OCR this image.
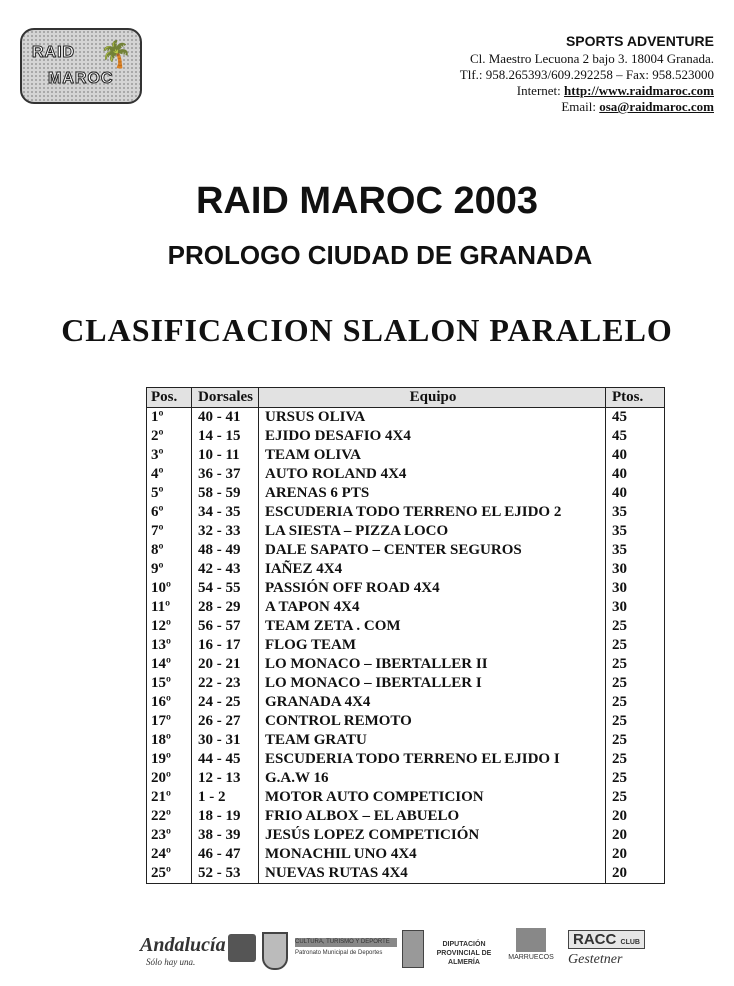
RAID
MAROC
🌴	SPORTS ADVENTURE
Cl. Maestro Lecuona 2 bajo 3. 18004 Granada.
Tlf.: 958.265393/609.292258 – Fax: 958.523000
Internet: http://www.raidmaroc.com
Email: osa@raidmaroc.com
RAID MAROC 2003
PROLOGO CIUDAD DE GRANADA
CLASIFICACION SLALON PARALELO
Pos.	Dorsales	Equipo	Ptos.
1º	40 - 41	URSUS OLIVA	45
2º	14 - 15	EJIDO DESAFIO 4X4	45
3º	10 - 11	TEAM OLIVA	40
4º	36 - 37	AUTO ROLAND 4X4	40
5º	58 - 59	ARENAS 6 PTS	40
6º	34 - 35	ESCUDERIA TODO TERRENO EL EJIDO 2	35
7º	32 - 33	LA SIESTA – PIZZA LOCO	35
8º	48 - 49	DALE SAPATO – CENTER SEGUROS	35
9º	42 - 43	IAÑEZ 4X4	30
10º	54 - 55	PASSIÓN OFF ROAD 4X4	30
11º	28 - 29	A TAPON 4X4	30
12º	56 - 57	TEAM ZETA . COM	25
13º	16 - 17	FLOG TEAM	25
14º	20 - 21	LO MONACO – IBERTALLER II	25
15º	22 - 23	LO MONACO – IBERTALLER I	25
16º	24 - 25	GRANADA 4X4	25
17º	26 - 27	CONTROL REMOTO	25
18º	30 - 31	TEAM GRATU	25
19º	44 - 45	ESCUDERIA TODO TERRENO EL EJIDO I	25
20º	12 - 13	G.A.W 16	25
21º	1 - 2	MOTOR AUTO COMPETICION	25
22º	18 - 19	FRIO ALBOX – EL ABUELO	20
23º	38 - 39	JESÚS LOPEZ COMPETICIÓN	20
24º	46 - 47	MONACHIL UNO 4X4	20
25º	52 - 53	NUEVAS RUTAS 4X4	20
Andalucía
Sólo hay una.
CULTURA, TURISMO Y DEPORTE
Patronato Municipal de Deportes
DIPUTACIÓN PROVINCIAL DE ALMERÍA
MARRUECOS
RACC CLUB
Gestetner
